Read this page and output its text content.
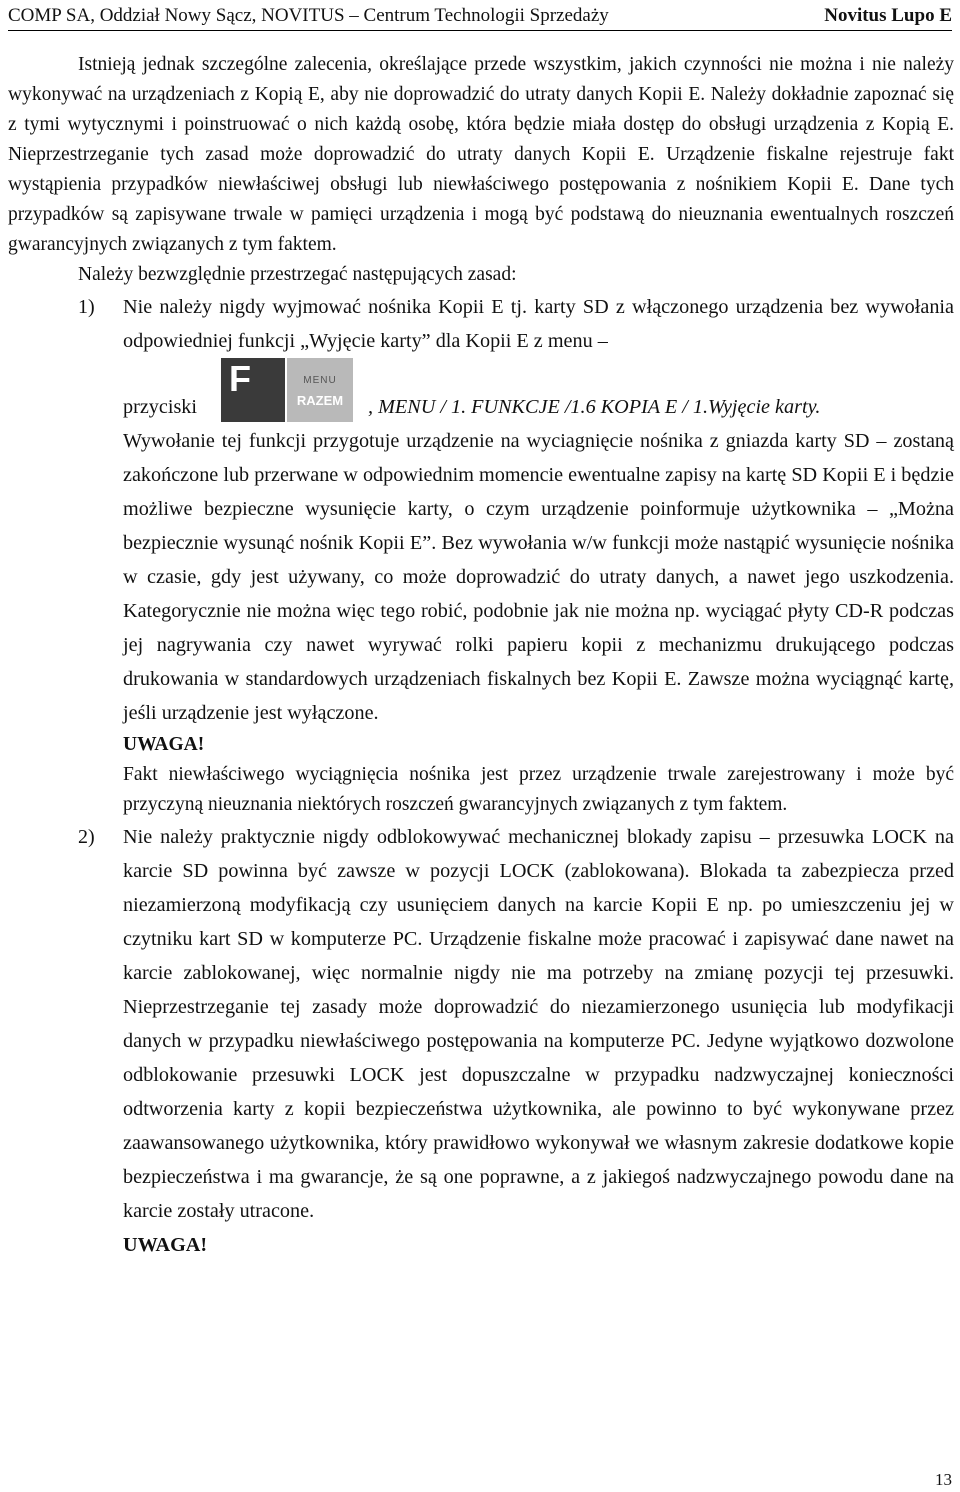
COMP SA, Oddział Nowy Sącz, NOVITUS – Centrum Technologii Sprzedaży	Novitus Lupo E

Istnieją jednak szczególne zalecenia, określające przede wszystkim, jakich czynności nie można i nie należy wykonywać na urządzeniach z Kopią E, aby nie doprowadzić do utraty danych Kopii E. Należy dokładnie zapoznać się z tymi wytycznymi i poinstruować o nich każdą osobę, która będzie miała dostęp do obsługi urządzenia z Kopią E. Nieprzestrzeganie tych zasad może doprowadzić do utraty danych Kopii E. Urządzenie fiskalne rejestruje fakt wystąpienia przypadków niewłaściwej obsługi lub niewłaściwego postępowania z nośnikiem Kopii E. Dane tych przypadków są zapisywane trwale w pamięci urządzenia i mogą być podstawą do nieuznania ewentualnych roszczeń gwarancyjnych związanych z tym faktem.

Należy bezwzględnie przestrzegać następujących zasad:

1) Nie należy nigdy wyjmować nośnika Kopii E tj. karty SD z włączonego urządzenia bez wywołania odpowiedniej funkcji „Wyjęcie karty” dla Kopii E z menu –

przyciski
F	MENU
RAZEM	, MENU / 1. FUNKCJE /1.6 KOPIA E / 1.Wyjęcie karty.

Wywołanie tej funkcji przygotuje urządzenie na wyciagnięcie nośnika z gniazda karty SD – zostaną zakończone lub przerwane w odpowiednim momencie ewentualne zapisy na kartę SD Kopii E i będzie możliwe bezpieczne wysunięcie karty, o czym urządzenie poinformuje użytkownika – „Można bezpiecznie wysunąć nośnik Kopii E”. Bez wywołania w/w funkcji może nastąpić wysunięcie nośnika w czasie, gdy jest używany, co może doprowadzić do utraty danych, a nawet jego uszkodzenia. Kategorycznie nie można więc tego robić, podobnie jak nie można np. wyciągać płyty CD-R podczas jej nagrywania czy nawet wyrywać rolki papieru kopii z mechanizmu drukującego podczas drukowania w standardowych urządzeniach fiskalnych bez Kopii E. Zawsze można wyciągnąć kartę, jeśli urządzenie jest wyłączone.

UWAGA!

Fakt niewłaściwego wyciągnięcia nośnika jest przez urządzenie trwale zarejestrowany i może być przyczyną nieuznania niektórych roszczeń gwarancyjnych związanych z tym faktem.

2) Nie należy praktycznie nigdy odblokowywać mechanicznej blokady zapisu – przesuwka LOCK na karcie SD powinna być zawsze w pozycji LOCK (zablokowana). Blokada ta zabezpiecza przed niezamierzoną modyfikacją czy usunięciem danych na karcie Kopii E np. po umieszczeniu jej w czytniku kart SD w komputerze PC. Urządzenie fiskalne może pracować i zapisywać dane nawet na karcie zablokowanej, więc normalnie nigdy nie ma potrzeby na zmianę pozycji tej przesuwki. Nieprzestrzeganie tej zasady może doprowadzić do niezamierzonego usunięcia lub modyfikacji danych w przypadku niewłaściwego postępowania na komputerze PC. Jedyne wyjątkowo dozwolone odblokowanie przesuwki LOCK jest dopuszczalne w przypadku nadzwyczajnej konieczności odtworzenia karty z kopii bezpieczeństwa użytkownika, ale powinno to być wykonywane przez zaawansowanego użytkownika, który prawidłowo wykonywał we własnym zakresie dodatkowe kopie bezpieczeństwa i ma gwarancje, że są one poprawne, a z jakiegoś nadzwyczajnego powodu dane na karcie zostały utracone.

UWAGA!

13
